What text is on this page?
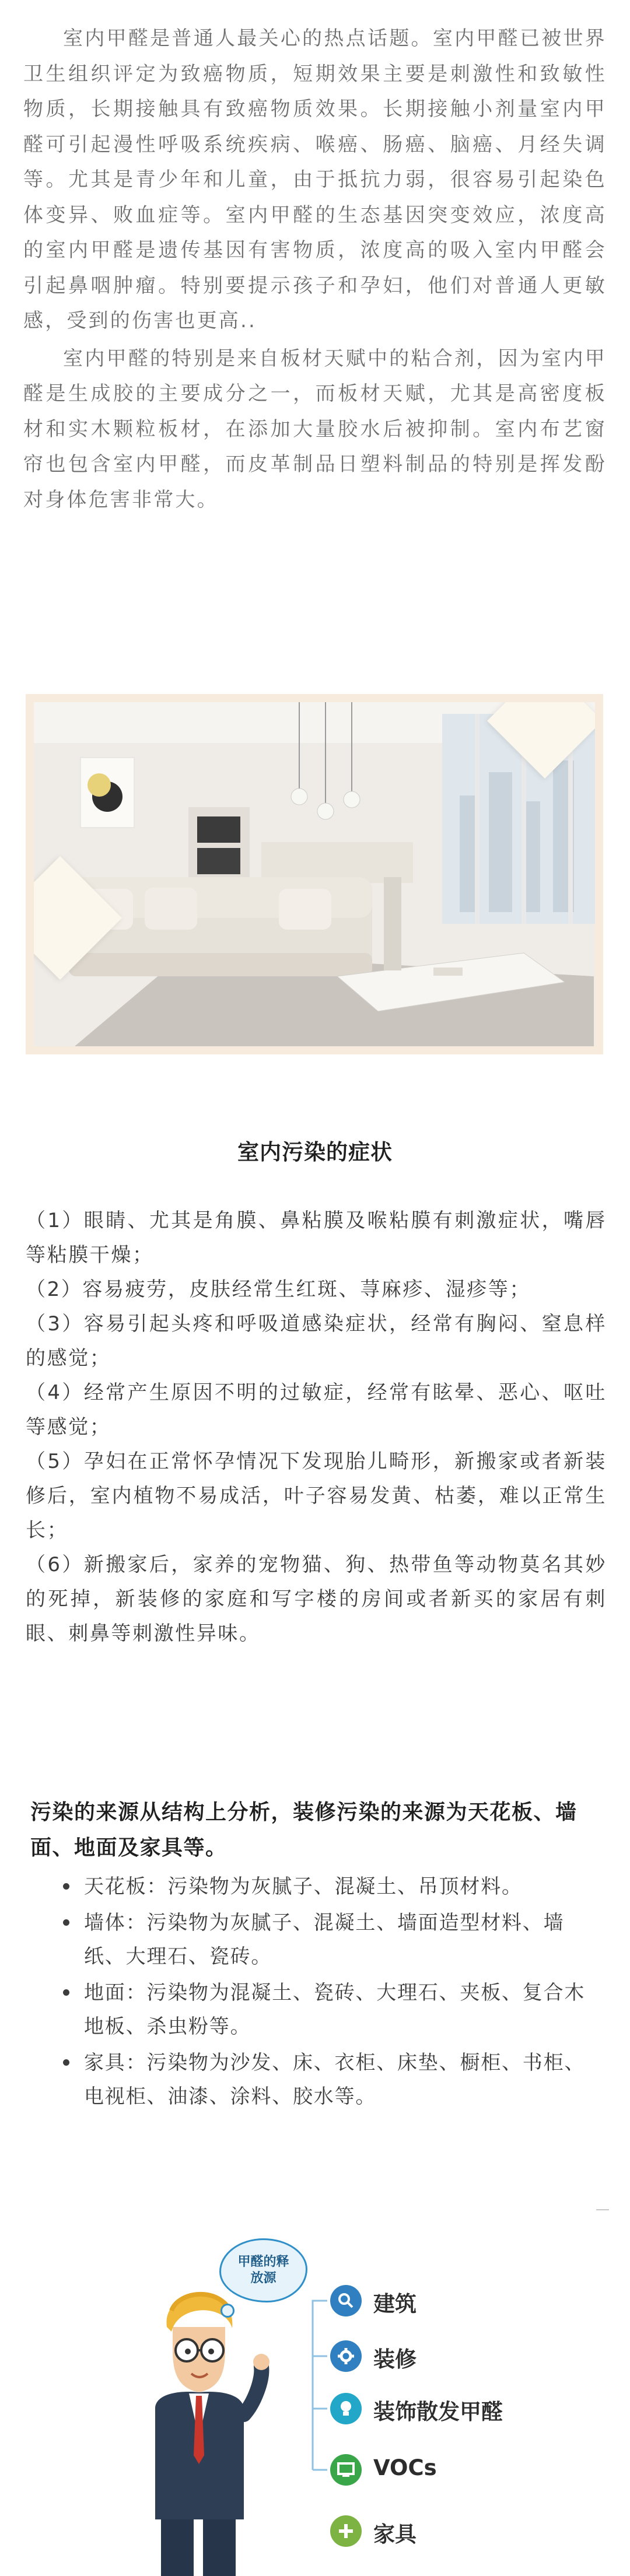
室内甲醛是普通人最关心的热点话题。室内甲醛已被世界卫生组织评定为致癌物质，短期效果主要是刺激性和致敏性物质，长期接触具有致癌物质效果。长期接触小剂量室内甲醛可引起漫性呼吸系统疾病、喉癌、肠癌、脑癌、月经失调等。尤其是青少年和儿童，由于抵抗力弱，很容易引起染色体变异、败血症等。室内甲醛的生态基因突变效应，浓度高的室内甲醛是遗传基因有害物质，浓度高的吸入室内甲醛会引起鼻咽肿瘤。特别要提示孩子和孕妇，他们对普通人更敏感，受到的伤害也更高..

室内甲醛的特别是来自板材天赋中的粘合剂，因为室内甲醛是生成胶的主要成分之一，而板材天赋，尤其是高密度板材和实木颗粒板材，在添加大量胶水后被抑制。室内布艺窗帘也包含室内甲醛，而皮革制品日塑料制品的特别是挥发酚对身体危害非常大。

室内污染的症状

（1）眼睛、尤其是角膜、鼻粘膜及喉粘膜有刺激症状，嘴唇等粘膜干燥；

（2）容易疲劳，皮肤经常生红斑、荨麻疹、湿疹等；

（3）容易引起头疼和呼吸道感染症状，经常有胸闷、窒息样的感觉；

（4）经常产生原因不明的过敏症，经常有眩晕、恶心、呕吐等感觉；

（5）孕妇在正常怀孕情况下发现胎儿畸形，新搬家或者新装修后，室内植物不易成活，叶子容易发黄、枯萎，难以正常生长；

（6）新搬家后，家养的宠物猫、狗、热带鱼等动物莫名其妙的死掉，新装修的家庭和写字楼的房间或者新买的家居有刺眼、刺鼻等刺激性异味。

污染的来源从结构上分析，装修污染的来源为天花板、墙面、地面及家具等。
天花板：污染物为灰腻子、混凝土、吊顶材料。
墙体：污染物为灰腻子、混凝土、墙面造型材料、墙纸、大理石、瓷砖。
地面：污染物为混凝土、瓷砖、大理石、夹板、复合木地板、杀虫粉等。
家具：污染物为沙发、床、衣柜、床垫、橱柜、书柜、电视柜、油漆、涂料、胶水等。
甲醛的释放源
建筑
装修
装饰散发甲醛
VOCs
家具
